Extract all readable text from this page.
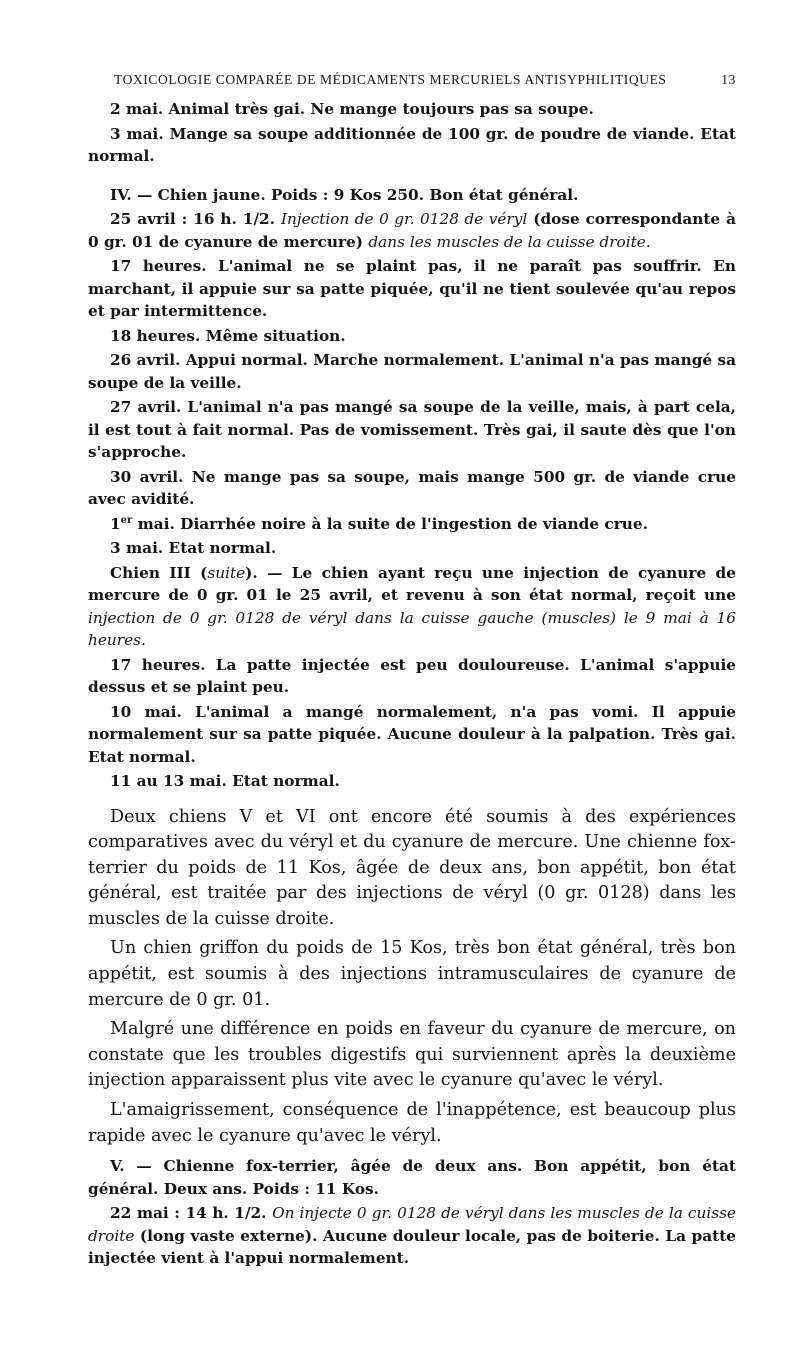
TOXICOLOGIE COMPARÉE DE MÉDICAMENTS MERCURIELS ANTISYPHILITIQUES	13

2 mai. Animal très gai. Ne mange toujours pas sa soupe.

3 mai. Mange sa soupe additionnée de 100 gr. de poudre de viande. Etat normal.

IV. — Chien jaune. Poids : 9 Kos 250. Bon état général.

25 avril : 16 h. 1/2. Injection de 0 gr. 0128 de véryl (dose correspondante à 0 gr. 01 de cyanure de mercure) dans les muscles de la cuisse droite.

17 heures. L'animal ne se plaint pas, il ne paraît pas souffrir. En marchant, il appuie sur sa patte piquée, qu'il ne tient soulevée qu'au repos et par intermittence.

18 heures. Même situation.

26 avril. Appui normal. Marche normalement. L'animal n'a pas mangé sa soupe de la veille.

27 avril. L'animal n'a pas mangé sa soupe de la veille, mais, à part cela, il est tout à fait normal. Pas de vomissement. Très gai, il saute dès que l'on s'approche.

30 avril. Ne mange pas sa soupe, mais mange 500 gr. de viande crue avec avidité.

1er mai. Diarrhée noire à la suite de l'ingestion de viande crue.

3 mai. Etat normal.

Chien III (suite). — Le chien ayant reçu une injection de cyanure de mercure de 0 gr. 01 le 25 avril, et revenu à son état normal, reçoit une injection de 0 gr. 0128 de véryl dans la cuisse gauche (muscles) le 9 mai à 16 heures.

17 heures. La patte injectée est peu douloureuse. L'animal s'appuie dessus et se plaint peu.

10 mai. L'animal a mangé normalement, n'a pas vomi. Il appuie normalement sur sa patte piquée. Aucune douleur à la palpation. Très gai. Etat normal.

11 au 13 mai. Etat normal.

Deux chiens V et VI ont encore été soumis à des expériences comparatives avec du véryl et du cyanure de mercure. Une chienne fox-terrier du poids de 11 Kos, âgée de deux ans, bon appétit, bon état général, est traitée par des injections de véryl (0 gr. 0128) dans les muscles de la cuisse droite.

Un chien griffon du poids de 15 Kos, très bon état général, très bon appétit, est soumis à des injections intramusculaires de cyanure de mercure de 0 gr. 01.

Malgré une différence en poids en faveur du cyanure de mercure, on constate que les troubles digestifs qui surviennent après la deuxième injection apparaissent plus vite avec le cyanure qu'avec le véryl.

L'amaigrissement, conséquence de l'inappétence, est beaucoup plus rapide avec le cyanure qu'avec le véryl.

V. — Chienne fox-terrier, âgée de deux ans. Bon appétit, bon état général. Deux ans. Poids : 11 Kos.

22 mai : 14 h. 1/2. On injecte 0 gr. 0128 de véryl dans les muscles de la cuisse droite (long vaste externe). Aucune douleur locale, pas de boiterie. La patte injectée vient à l'appui normalement.
